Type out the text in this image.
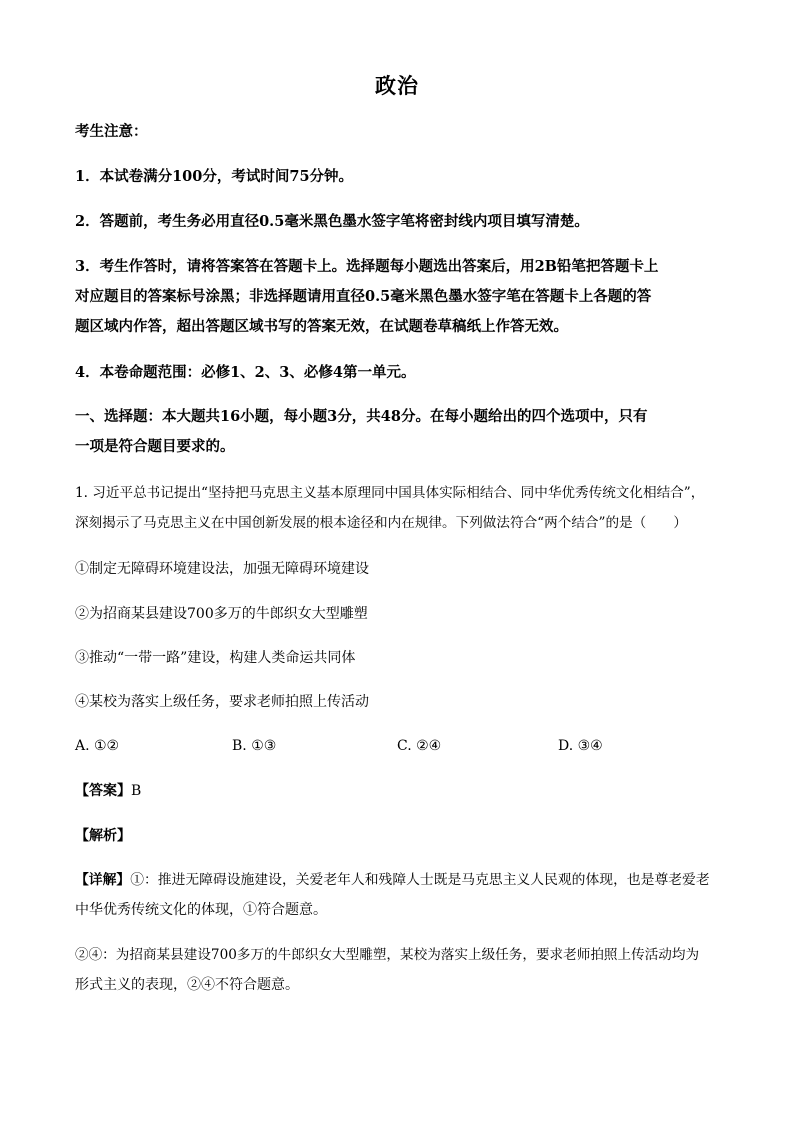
政治
考生注意：
1．本试卷满分100分，考试时间75分钟。
2．答题前，考生务必用直径0.5毫米黑色墨水签字笔将密封线内项目填写清楚。
3．考生作答时，请将答案答在答题卡上。选择题每小题选出答案后，用2B铅笔把答题卡上
对应题目的答案标号涂黑；非选择题请用直径0.5毫米黑色墨水签字笔在答题卡上各题的答
题区域内作答，超出答题区域书写的答案无效，在试题卷草稿纸上作答无效。
4．本卷命题范围：必修1、2、3、必修4第一单元。
一、选择题：本大题共16小题，每小题3分，共48分。在每小题给出的四个选项中，只有
一项是符合题目要求的。
1. 习近平总书记提出“坚持把马克思主义基本原理同中国具体实际相结合、同中华优秀传统文化相结合”，
深刻揭示了马克思主义在中国创新发展的根本途径和内在规律。下列做法符合“两个结合”的是（　　）
①制定无障碍环境建设法，加强无障碍环境建设
②为招商某县建设700多万的牛郎织女大型雕塑
③推动“一带一路”建设，构建人类命运共同体
④某校为落实上级任务，要求老师拍照上传活动
A. ①②	B. ①③	C. ②④	D. ③④
【答案】B
【解析】
【详解】①：推进无障碍设施建设，关爱老年人和残障人士既是马克思主义人民观的体现，也是尊老爱老
中华优秀传统文化的体现，①符合题意。
②④：为招商某县建设700多万的牛郎织女大型雕塑，某校为落实上级任务，要求老师拍照上传活动均为
形式主义的表现，②④不符合题意。
